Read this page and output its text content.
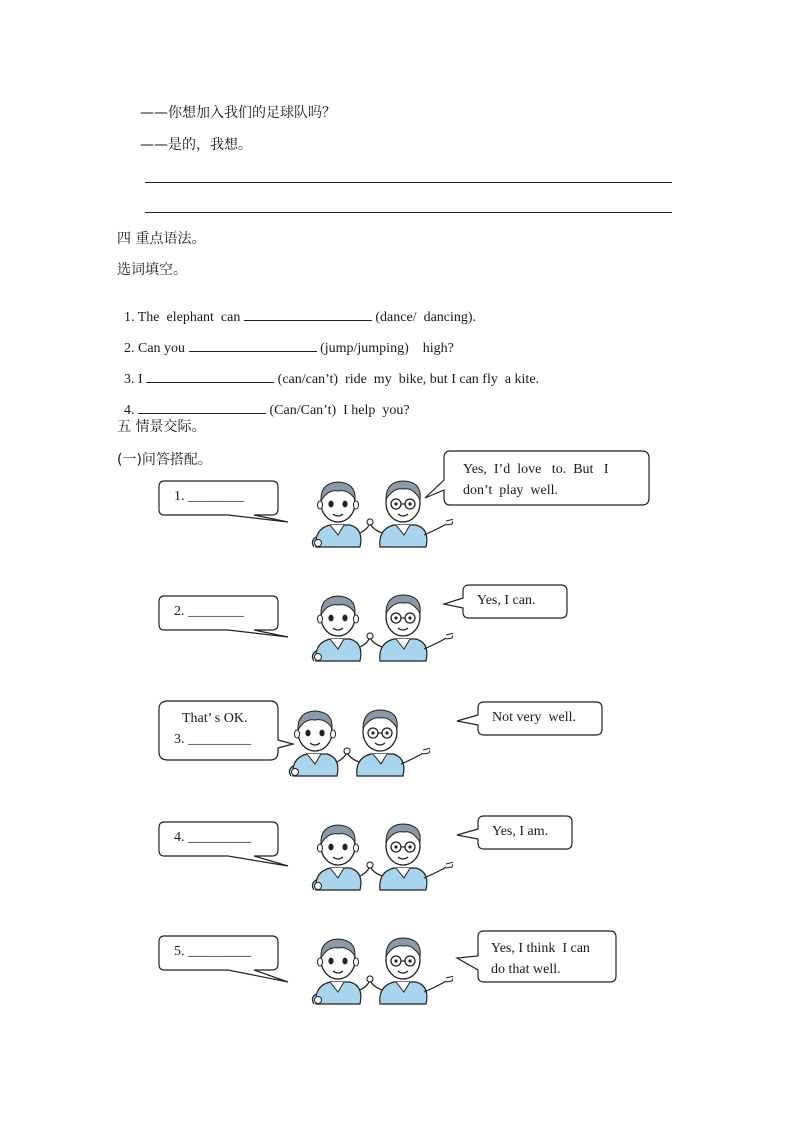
——你想加入我们的足球队吗？
——是的，我想。
四 重点语法。
选词填空。

1. The  elephant  can	(dance/  dancing).

2. Can you	(jump/jumping)    high?

3. I	(can/can’t)  ride  my  bike, but I can fly  a kite.

4.	(Can/Can’t)  I help  you?

五 情景交际。
(一)问答搭配。
1. ________
Yes,  I’d  love   to.  But   I
don’t  play  well.
2. ________
Yes, I can.
That’ s OK.
3. _________
Not very  well.
4. _________	Yes, I am.
5. _________	Yes, I think  I can
do that well.
